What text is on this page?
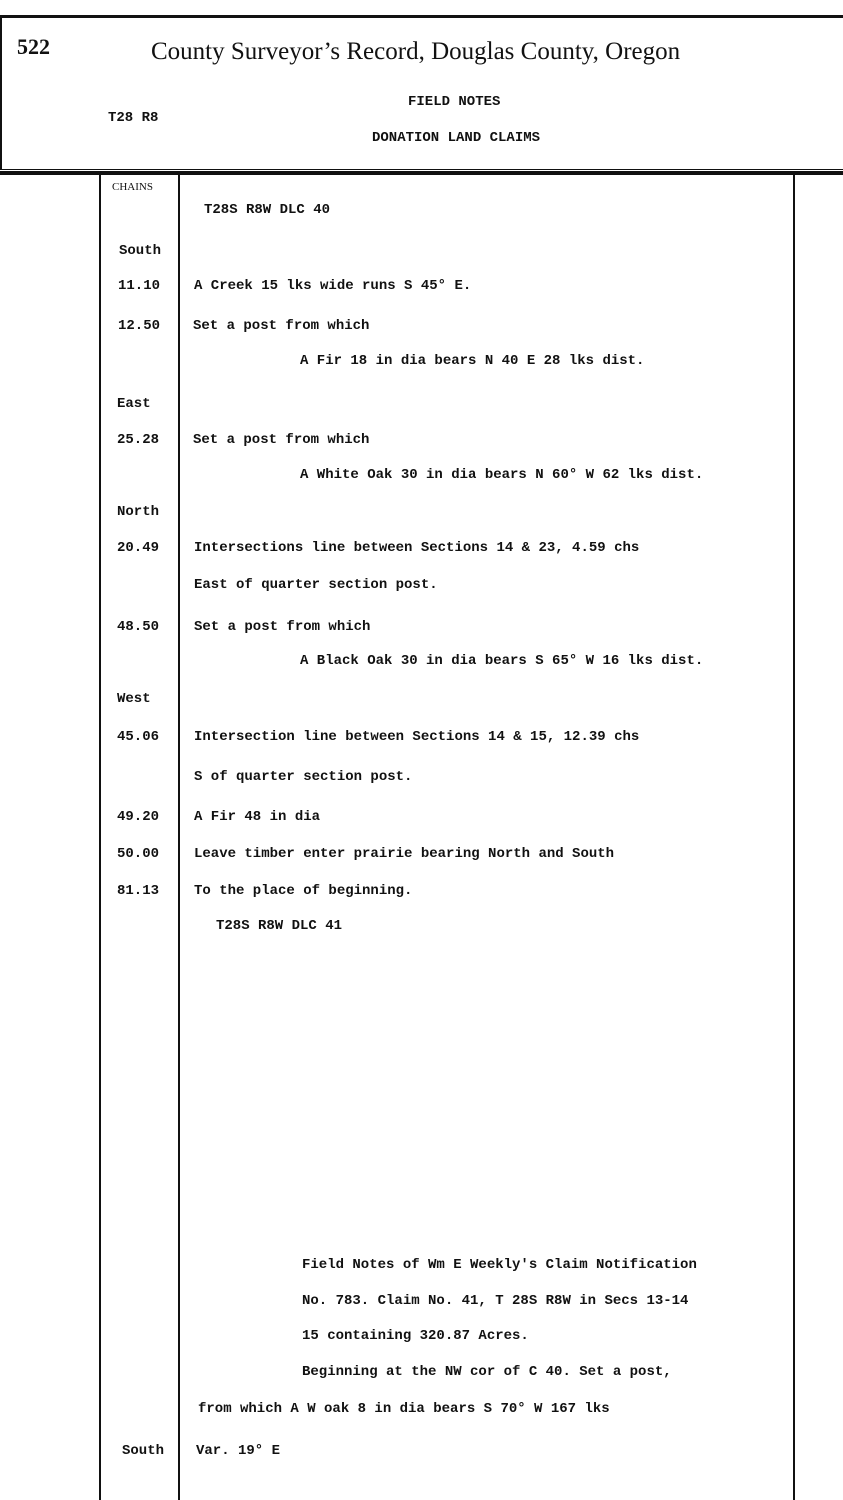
522	County Surveyor’s Record, Douglas County, Oregon
T28 R8
FIELD NOTES
DONATION LAND CLAIMS
CHAINS
T28S R8W DLC 40
South
11.10 A Creek 15 lks wide runs S 45° E.
12.50 Set a post from which
A Fir 18 in dia bears N 40 E 28 lks dist.
East
25.28 Set a post from which
A White Oak 30 in dia bears N 60° W 62 lks dist.
North
20.49 Intersections line between Sections 14 & 23, 4.59 chs
East of quarter section post.
48.50 Set a post from which
A Black Oak 30 in dia bears S 65° W 16 lks dist.
West
45.06 Intersection line between Sections 14 & 15, 12.39 chs
S of quarter section post.
49.20 A Fir 48 in dia
50.00 Leave timber enter prairie bearing North and South
81.13 To the place of beginning.
T28S R8W DLC 41
Field Notes of Wm E Weekly's Claim Notification
No. 783. Claim No. 41, T 28S R8W in Secs 13-14
15 containing 320.87 Acres.
Beginning at the NW cor of C 40. Set a post,
from which A W oak 8 in dia bears S 70° W 167 lks
South Var. 19° E
